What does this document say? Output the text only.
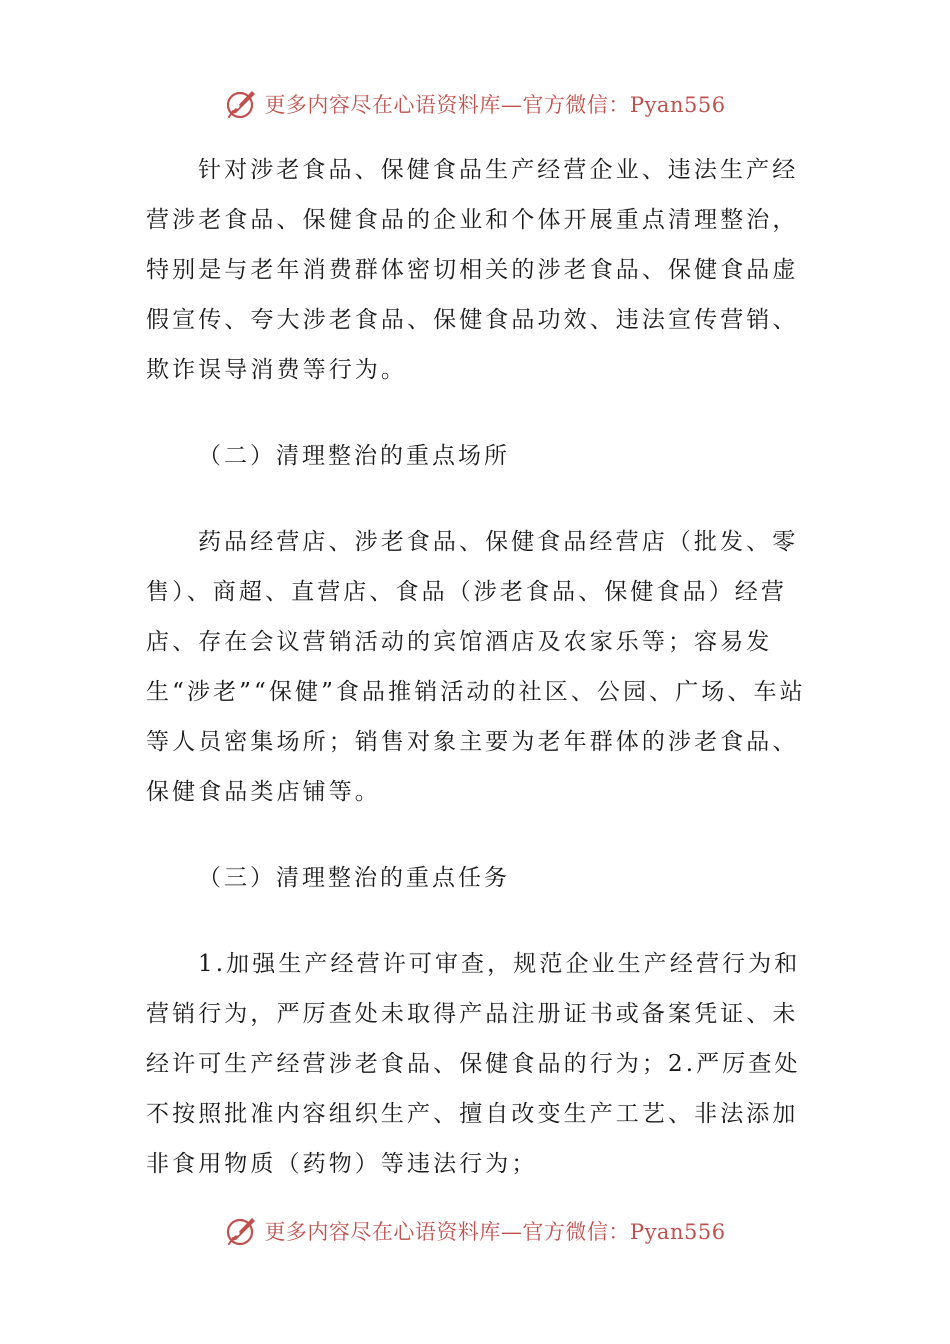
更多内容尽在心语资料库—官方微信：Pyan556

针对涉老食品、保健食品生产经营企业、违法生产经营涉老食品、保健食品的企业和个体开展重点清理整治，特别是与老年消费群体密切相关的涉老食品、保健食品虚假宣传、夸大涉老食品、保健食品功效、违法宣传营销、欺诈误导消费等行为。

（二）清理整治的重点场所

药品经营店、涉老食品、保健食品经营店（批发、零售）、商超、直营店、食品（涉老食品、保健食品）经营店、存在会议营销活动的宾馆酒店及农家乐等；容易发生“涉老”“保健”食品推销活动的社区、公园、广场、车站等人员密集场所；销售对象主要为老年群体的涉老食品、保健食品类店铺等。

（三）清理整治的重点任务

1.加强生产经营许可审查，规范企业生产经营行为和营销行为，严厉查处未取得产品注册证书或备案凭证、未经许可生产经营涉老食品、保健食品的行为；2.严厉查处不按照批准内容组织生产、擅自改变生产工艺、非法添加非食用物质（药物）等违法行为；

更多内容尽在心语资料库—官方微信：Pyan556
